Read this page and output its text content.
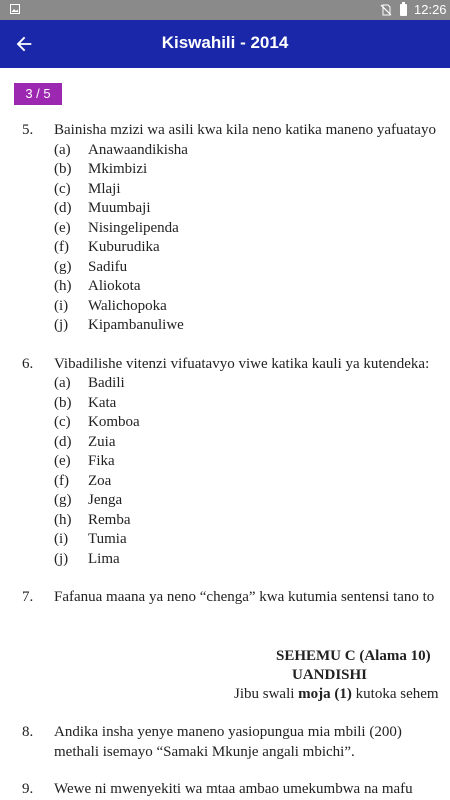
12:26
Kiswahili - 2014
3 / 5
5. Bainisha mzizi wa asili kwa kila neno katika maneno yafuatayo
(a) Anawaandikisha
(b) Mkimbizi
(c) Mlaji
(d) Muumbaji
(e) Nisingelipenda
(f) Kuburudika
(g) Sadifu
(h) Aliokota
(i) Walichopoka
(j) Kipambanuliwe
6. Vibadilishe vitenzi vifuatavyo viwe katika kauli ya kutendeka:
(a) Badili
(b) Kata
(c) Komboa
(d) Zuia
(e) Fika
(f) Zoa
(g) Jenga
(h) Remba
(i) Tumia
(j) Lima
7. Fafanua maana ya neno “chenga” kwa kutumia sentensi tano to
SEHEMU C (Alama 10)
UANDISHI
Jibu swali moja (1) kutoka sehem
8. Andika insha yenye maneno yasiopungua mia mbili (200)
methali isemayo “Samaki Mkunje angali mbichi”.
9. Wewe ni mwenyekiti wa mtaa ambao umekumbwa na mafu
